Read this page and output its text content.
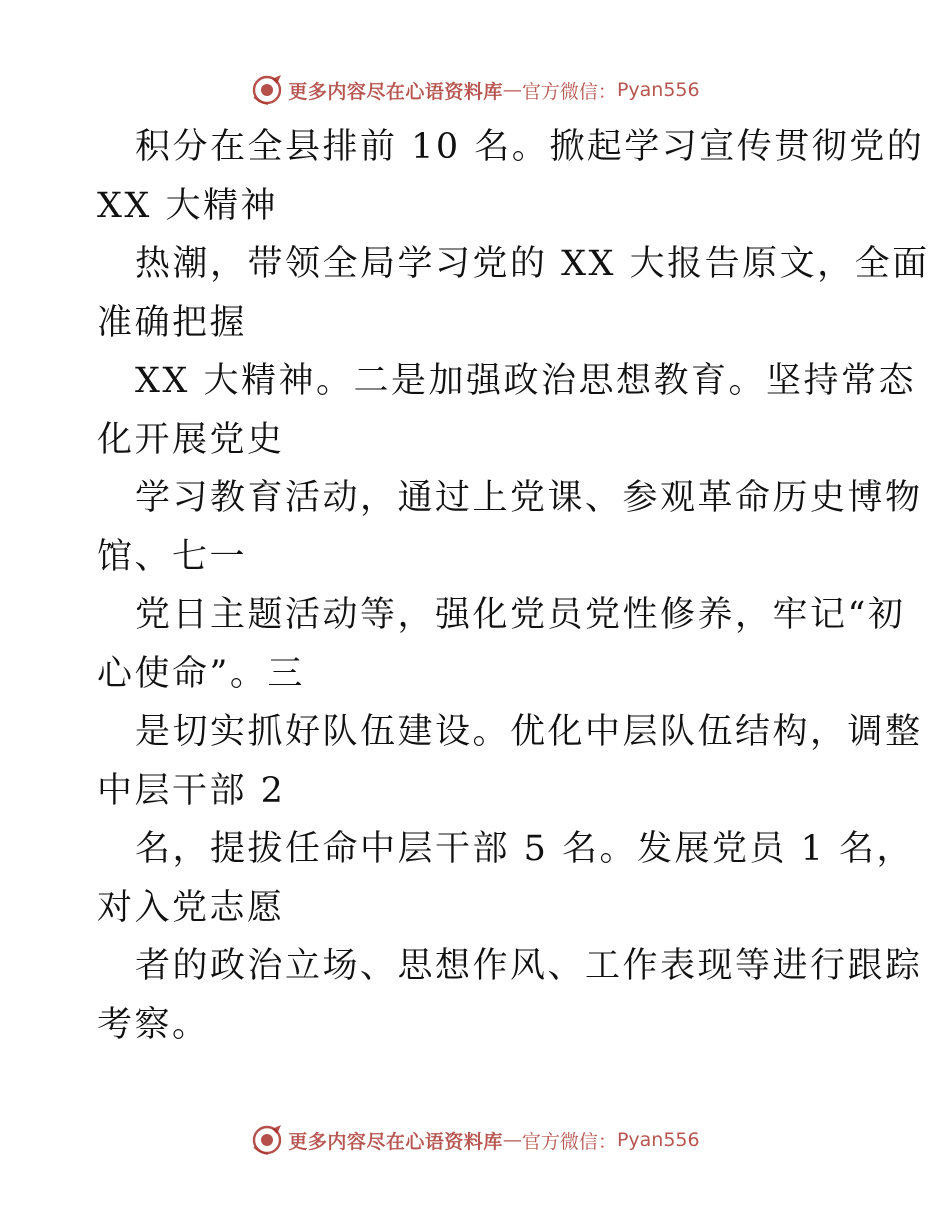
更多内容尽在心语资料库 — 官方微信： Pyan556
积分在全县排前 10 名。掀起学习宣传贯彻党的
XX 大精神
热潮，带领全局学习党的 XX 大报告原文，全面
准确把握
XX 大精神。二是加强政治思想教育。坚持常态
化开展党史
学习教育活动，通过上党课、参观革命历史博物
馆、七一
党日主题活动等，强化党员党性修养，牢记“初
心使命”。三
是切实抓好队伍建设。优化中层队伍结构，调整
中层干部 2
名，提拔任命中层干部 5 名。发展党员 1 名，
对入党志愿
者的政治立场、思想作风、工作表现等进行跟踪
考察。
更多内容尽在心语资料库 — 官方微信： Pyan556
